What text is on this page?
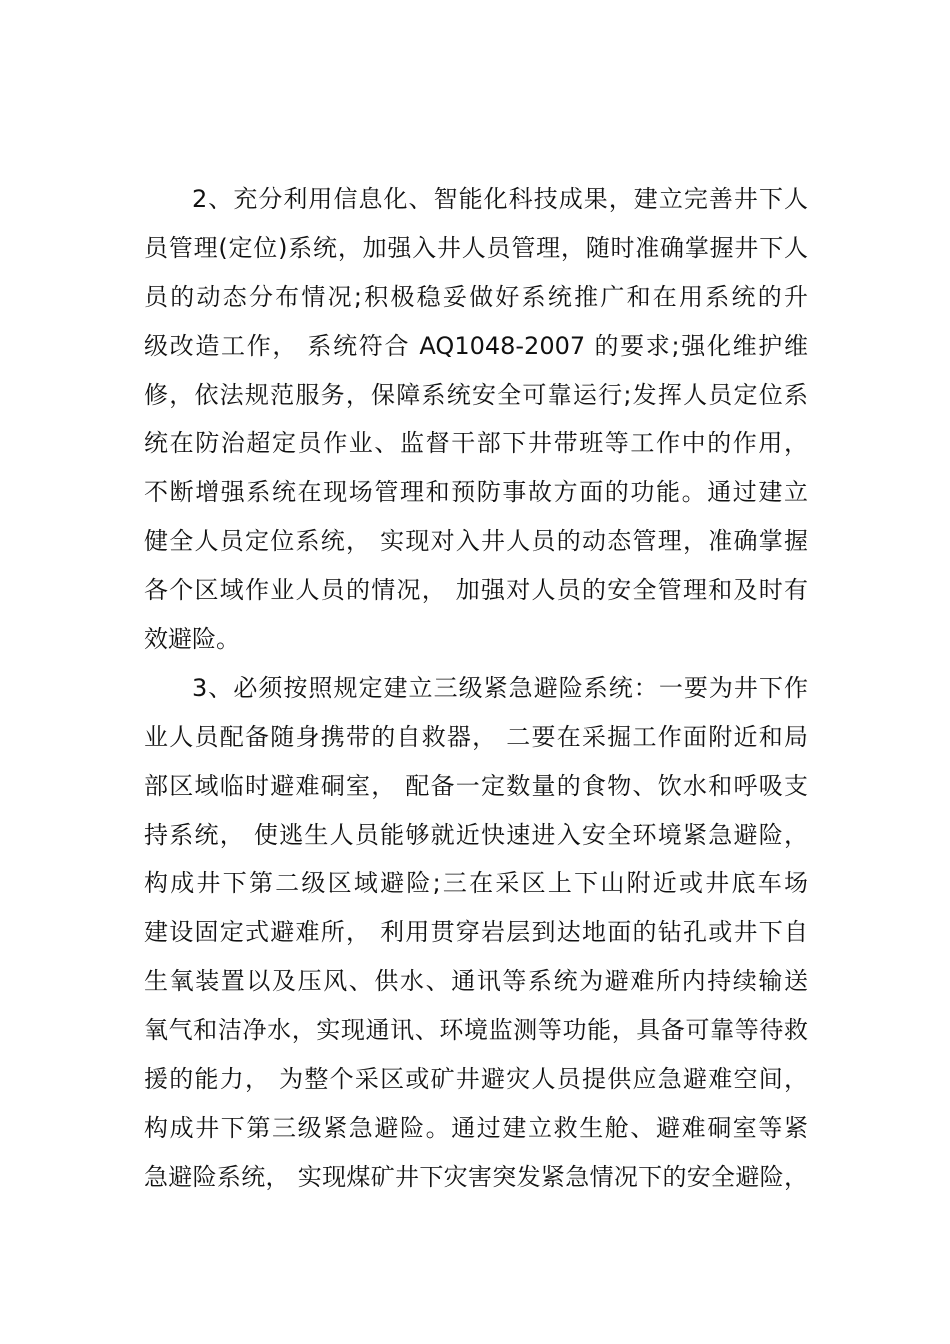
2、充分利用信息化、智能化科技成果，建立完善井下人
员管理(定位)系统，加强入井人员管理，随时准确掌握井下人
员的动态分布情况;积极稳妥做好系统推广和在用系统的升
级改造工作， 系统符合 AQ1048-2007 的要求;强化维护维
修，依法规范服务，保障系统安全可靠运行;发挥人员定位系
统在防治超定员作业、监督干部下井带班等工作中的作用，
不断增强系统在现场管理和预防事故方面的功能。通过建立
健全人员定位系统， 实现对入井人员的动态管理，准确掌握
各个区域作业人员的情况， 加强对人员的安全管理和及时有
效避险。
3、必须按照规定建立三级紧急避险系统：一要为井下作
业人员配备随身携带的自救器， 二要在采掘工作面附近和局
部区域临时避难硐室， 配备一定数量的食物、饮水和呼吸支
持系统， 使逃生人员能够就近快速进入安全环境紧急避险，
构成井下第二级区域避险;三在采区上下山附近或井底车场
建设固定式避难所， 利用贯穿岩层到达地面的钻孔或井下自
生氧装置以及压风、供水、通讯等系统为避难所内持续输送
氧气和洁净水，实现通讯、环境监测等功能，具备可靠等待救
援的能力， 为整个采区或矿井避灾人员提供应急避难空间，
构成井下第三级紧急避险。通过建立救生舱、避难硐室等紧
急避险系统， 实现煤矿井下灾害突发紧急情况下的安全避险，
